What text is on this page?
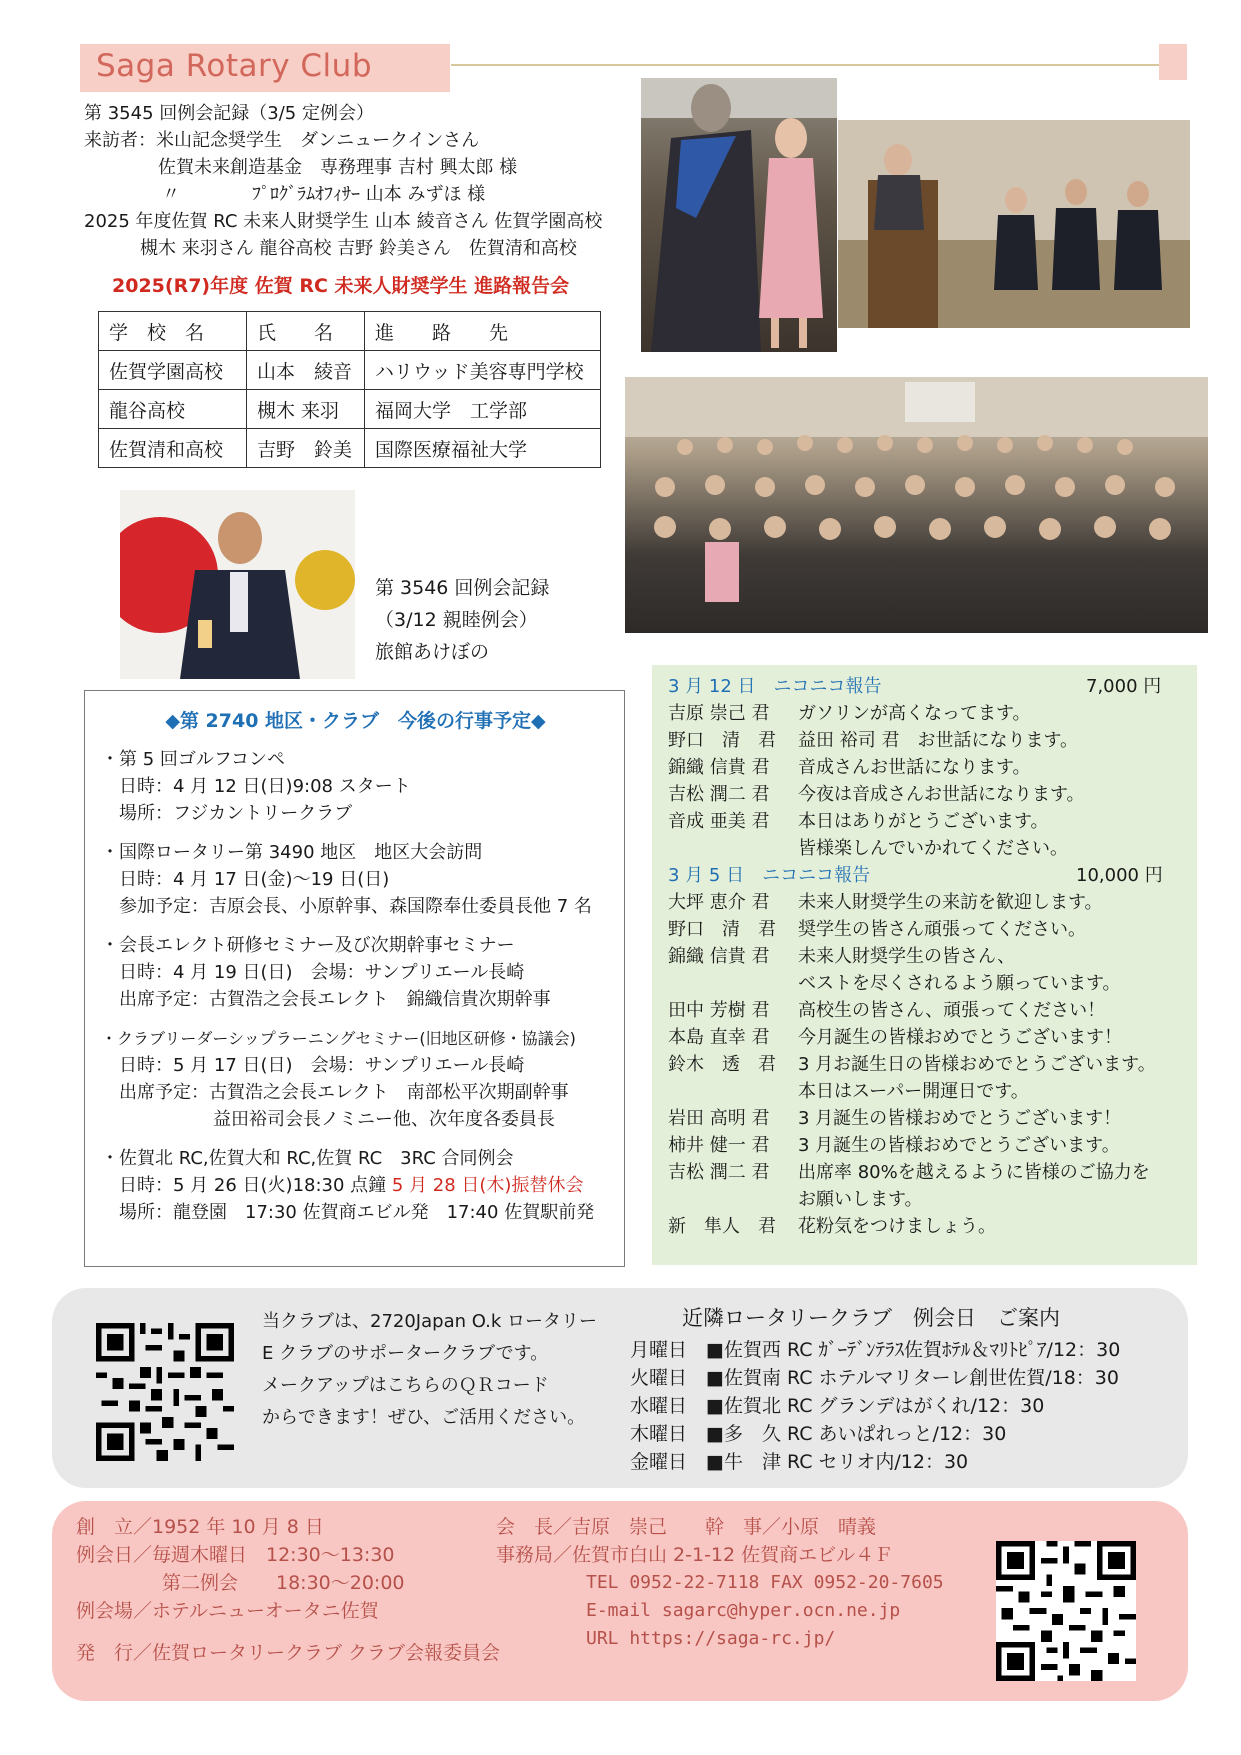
Saga Rotary Club
第 3545 回例会記録（3/5 定例会）
来訪者：米山記念奨学生　ダンニュークインさん
佐賀未来創造基金　専務理事 吉村 興太郎 様
〃　　　　ﾌﾟﾛｸﾞﾗﾑｵﾌｨｻｰ 山本 みずほ 様
2025 年度佐賀 RC 未来人財奨学生 山本 綾音さん 佐賀学園高校
槻木 来羽さん 龍谷高校 吉野 鈴美さん　佐賀清和高校
2025(R7)年度 佐賀 RC 未来人財奨学生 進路報告会
学　校　名	氏　　名	進　　路　　先
佐賀学園高校	山本　綾音	ハリウッド美容専門学校
龍谷高校	槻木 来羽	福岡大学　工学部
佐賀清和高校	吉野　鈴美	国際医療福祉大学
第 3546 回例会記録
（3/12 親睦例会）
旅館あけぼの
◆第 2740 地区・クラブ　今後の行事予定◆
・第 5 回ゴルフコンペ
日時：4 月 12 日(日)9:08 スタート
場所：フジカントリークラブ
・国際ロータリー第 3490 地区　地区大会訪問
日時：4 月 17 日(金)～19 日(日)
参加予定：吉原会長、小原幹事、森国際奉仕委員長他 7 名
・会長エレクト研修セミナー及び次期幹事セミナー
日時：4 月 19 日(日)　会場：サンプリエール長崎
出席予定：古賀浩之会長エレクト　錦織信貴次期幹事
・クラブリーダーシップラーニングセミナー(旧地区研修・協議会)
日時：5 月 17 日(日)　会場：サンプリエール長崎
出席予定：古賀浩之会長エレクト　南部松平次期副幹事
益田裕司会長ノミニー他、次年度各委員長
・佐賀北 RC,佐賀大和 RC,佐賀 RC　3RC 合同例会
日時：5 月 26 日(火)18:30 点鐘 5 月 28 日(木)振替休会
場所：龍登園　17:30 佐賀商エビル発　17:40 佐賀駅前発
3 月 12 日　ニコニコ報告	7,000 円
吉原 崇己 君	ガソリンが高くなってます。
野口　清　君	益田 裕司 君　お世話になります。
錦織 信貴 君	音成さんお世話になります。
吉松 潤二 君	今夜は音成さんお世話になります。
音成 亜美 君	本日はありがとうございます。
皆様楽しんでいかれてください。
3 月 5 日　ニコニコ報告	10,000 円
大坪 恵介 君	未来人財奨学生の来訪を歓迎します。
野口　清　君	奨学生の皆さん頑張ってください。
錦織 信貴 君	未来人財奨学生の皆さん、
ベストを尽くされるよう願っています。
田中 芳樹 君	高校生の皆さん、頑張ってください！
本島 直幸 君	今月誕生の皆様おめでとうございます！
鈴木　透　君	3 月お誕生日の皆様おめでとうございます。
本日はスーパー開運日です。
岩田 高明 君	3 月誕生の皆様おめでとうございます！
柿井 健一 君	3 月誕生の皆様おめでとうございます。
吉松 潤二 君	出席率 80%を越えるように皆様のご協力を
お願いします。
新　隼人　君	花粉気をつけましょう。
当クラブは、2720Japan O.k ロータリー
E クラブのサポータークラブです。
メークアップはこちらのＱＲコード
からできます！ぜひ、ご活用ください。
近隣ロータリークラブ　例会日　ご案内
月曜日　■佐賀西 RC ｶﾞｰﾃﾞﾝﾃﾗｽ佐賀ﾎﾃﾙ＆ﾏﾘﾄﾋﾟｱ/12：30
火曜日　■佐賀南 RC ホテルマリターレ創世佐賀/18：30
水曜日　■佐賀北 RC グランデはがくれ/12：30
木曜日　■多　久 RC あいぱれっと/12：30
金曜日　■牛　津 RC セリオ内/12：30
創　立／1952 年 10 月 8 日
例会日／毎週木曜日　12:30～13:30
第二例会　　18:30～20:00
例会場／ホテルニューオータニ佐賀
発　行／佐賀ロータリークラブ クラブ会報委員会
会　長／吉原　崇己　　幹　事／小原　晴義
事務局／佐賀市白山 2-1-12 佐賀商エビル４Ｆ
TEL 0952-22-7118 FAX 0952-20-7605
E-mail sagarc@hyper.ocn.ne.jp
URL https://saga-rc.jp/
